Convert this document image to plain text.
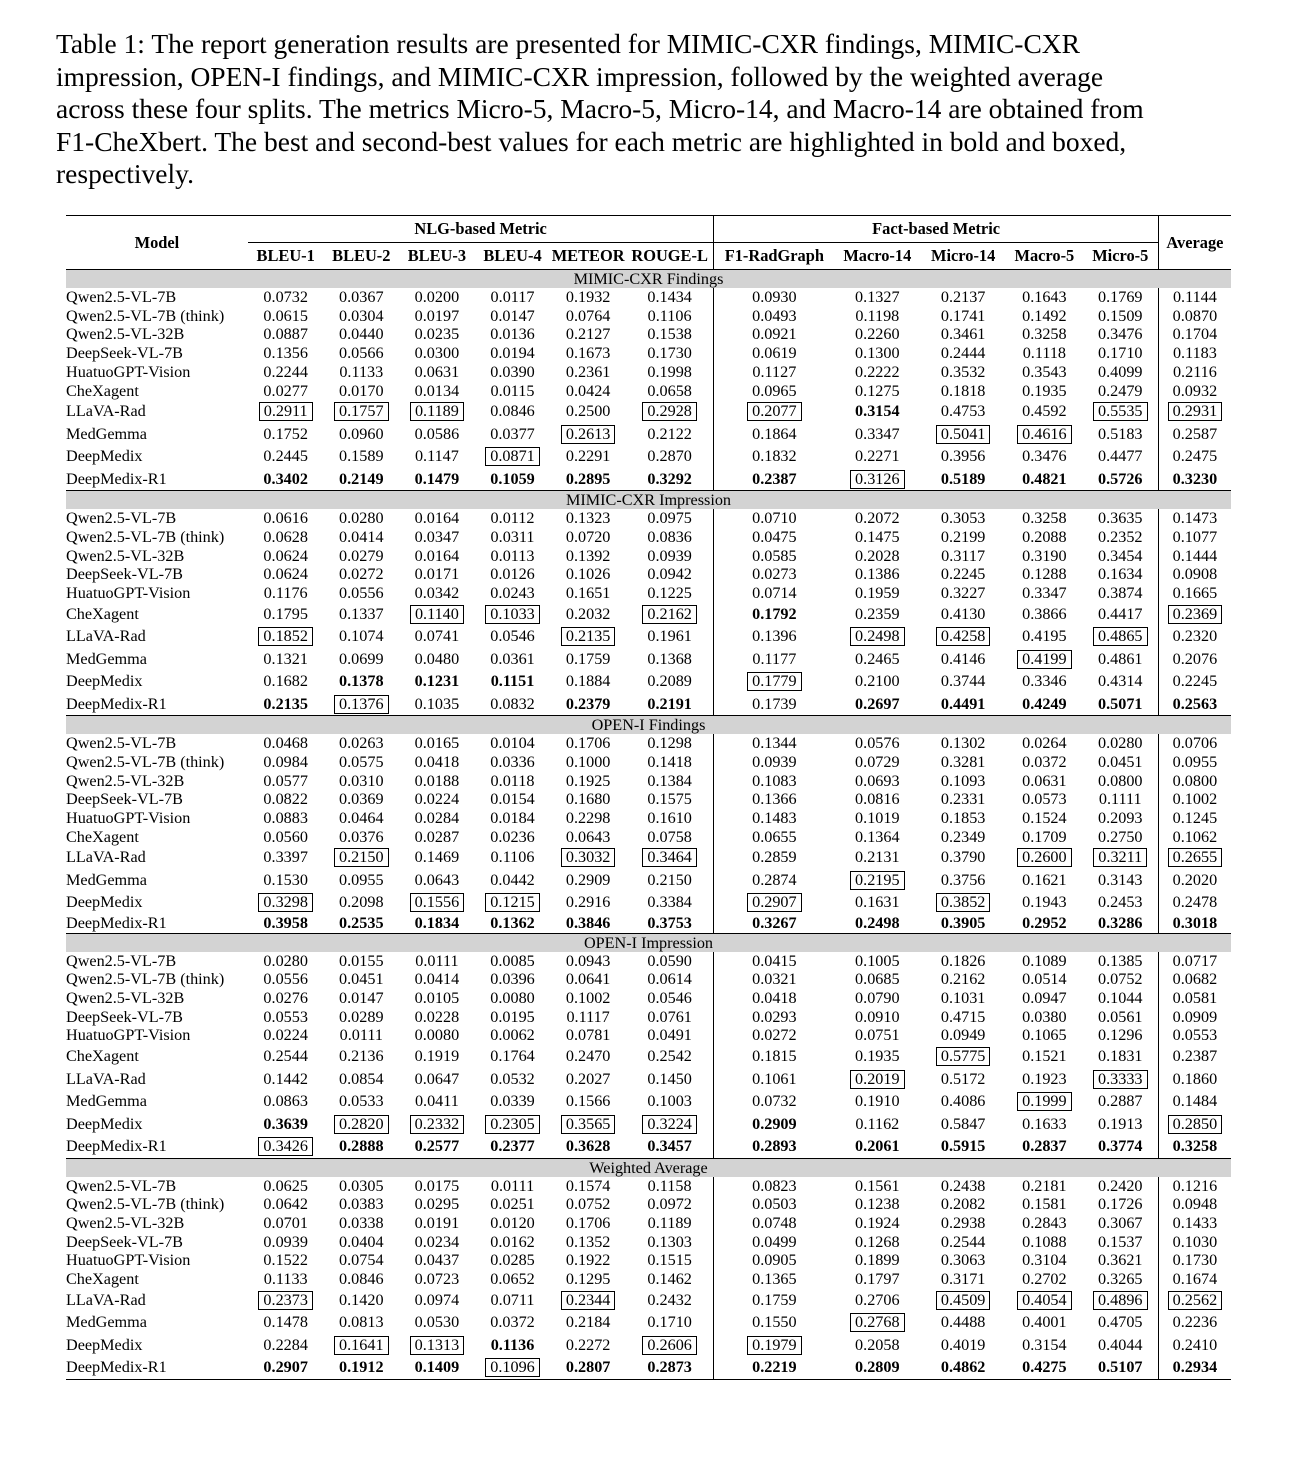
Table 1: The report generation results are presented for MIMIC-CXR findings, MIMIC-CXR
impression, OPEN-I findings, and MIMIC-CXR impression, followed by the weighted average
across these four splits. The metrics Micro-5, Macro-5, Micro-14, and Macro-14 are obtained from
F1-CheXbert. The best and second-best values for each metric are highlighted in bold and boxed,
respectively.
Model	NLG-based Metric						Fact-based Metric					Average
	BLEU-1	BLEU-2	BLEU-3	BLEU-4	METEOR	ROUGE-L	F1-RadGraph	Macro-14	Micro-14	Macro-5	Micro-5	
MIMIC-CXR Findings												
Qwen2.5-VL-7B	0.0732	0.0367	0.0200	0.0117	0.1932	0.1434	0.0930	0.1327	0.2137	0.1643	0.1769	0.1144
Qwen2.5-VL-7B (think)	0.0615	0.0304	0.0197	0.0147	0.0764	0.1106	0.0493	0.1198	0.1741	0.1492	0.1509	0.0870
Qwen2.5-VL-32B	0.0887	0.0440	0.0235	0.0136	0.2127	0.1538	0.0921	0.2260	0.3461	0.3258	0.3476	0.1704
DeepSeek-VL-7B	0.1356	0.0566	0.0300	0.0194	0.1673	0.1730	0.0619	0.1300	0.2444	0.1118	0.1710	0.1183
HuatuoGPT-Vision	0.2244	0.1133	0.0631	0.0390	0.2361	0.1998	0.1127	0.2222	0.3532	0.3543	0.4099	0.2116
CheXagent	0.0277	0.0170	0.0134	0.0115	0.0424	0.0658	0.0965	0.1275	0.1818	0.1935	0.2479	0.0932
LLaVA-Rad	0.2911	0.1757	0.1189	0.0846	0.2500	0.2928	0.2077	0.3154	0.4753	0.4592	0.5535	0.2931
MedGemma	0.1752	0.0960	0.0586	0.0377	0.2613	0.2122	0.1864	0.3347	0.5041	0.4616	0.5183	0.2587
DeepMedix	0.2445	0.1589	0.1147	0.0871	0.2291	0.2870	0.1832	0.2271	0.3956	0.3476	0.4477	0.2475
DeepMedix-R1	0.3402	0.2149	0.1479	0.1059	0.2895	0.3292	0.2387	0.3126	0.5189	0.4821	0.5726	0.3230
MIMIC-CXR Impression												
Qwen2.5-VL-7B	0.0616	0.0280	0.0164	0.0112	0.1323	0.0975	0.0710	0.2072	0.3053	0.3258	0.3635	0.1473
Qwen2.5-VL-7B (think)	0.0628	0.0414	0.0347	0.0311	0.0720	0.0836	0.0475	0.1475	0.2199	0.2088	0.2352	0.1077
Qwen2.5-VL-32B	0.0624	0.0279	0.0164	0.0113	0.1392	0.0939	0.0585	0.2028	0.3117	0.3190	0.3454	0.1444
DeepSeek-VL-7B	0.0624	0.0272	0.0171	0.0126	0.1026	0.0942	0.0273	0.1386	0.2245	0.1288	0.1634	0.0908
HuatuoGPT-Vision	0.1176	0.0556	0.0342	0.0243	0.1651	0.1225	0.0714	0.1959	0.3227	0.3347	0.3874	0.1665
CheXagent	0.1795	0.1337	0.1140	0.1033	0.2032	0.2162	0.1792	0.2359	0.4130	0.3866	0.4417	0.2369
LLaVA-Rad	0.1852	0.1074	0.0741	0.0546	0.2135	0.1961	0.1396	0.2498	0.4258	0.4195	0.4865	0.2320
MedGemma	0.1321	0.0699	0.0480	0.0361	0.1759	0.1368	0.1177	0.2465	0.4146	0.4199	0.4861	0.2076
DeepMedix	0.1682	0.1378	0.1231	0.1151	0.1884	0.2089	0.1779	0.2100	0.3744	0.3346	0.4314	0.2245
DeepMedix-R1	0.2135	0.1376	0.1035	0.0832	0.2379	0.2191	0.1739	0.2697	0.4491	0.4249	0.5071	0.2563
OPEN-I Findings												
Qwen2.5-VL-7B	0.0468	0.0263	0.0165	0.0104	0.1706	0.1298	0.1344	0.0576	0.1302	0.0264	0.0280	0.0706
Qwen2.5-VL-7B (think)	0.0984	0.0575	0.0418	0.0336	0.1000	0.1418	0.0939	0.0729	0.3281	0.0372	0.0451	0.0955
Qwen2.5-VL-32B	0.0577	0.0310	0.0188	0.0118	0.1925	0.1384	0.1083	0.0693	0.1093	0.0631	0.0800	0.0800
DeepSeek-VL-7B	0.0822	0.0369	0.0224	0.0154	0.1680	0.1575	0.1366	0.0816	0.2331	0.0573	0.1111	0.1002
HuatuoGPT-Vision	0.0883	0.0464	0.0284	0.0184	0.2298	0.1610	0.1483	0.1019	0.1853	0.1524	0.2093	0.1245
CheXagent	0.0560	0.0376	0.0287	0.0236	0.0643	0.0758	0.0655	0.1364	0.2349	0.1709	0.2750	0.1062
LLaVA-Rad	0.3397	0.2150	0.1469	0.1106	0.3032	0.3464	0.2859	0.2131	0.3790	0.2600	0.3211	0.2655
MedGemma	0.1530	0.0955	0.0643	0.0442	0.2909	0.2150	0.2874	0.2195	0.3756	0.1621	0.3143	0.2020
DeepMedix	0.3298	0.2098	0.1556	0.1215	0.2916	0.3384	0.2907	0.1631	0.3852	0.1943	0.2453	0.2478
DeepMedix-R1	0.3958	0.2535	0.1834	0.1362	0.3846	0.3753	0.3267	0.2498	0.3905	0.2952	0.3286	0.3018
OPEN-I Impression												
Qwen2.5-VL-7B	0.0280	0.0155	0.0111	0.0085	0.0943	0.0590	0.0415	0.1005	0.1826	0.1089	0.1385	0.0717
Qwen2.5-VL-7B (think)	0.0556	0.0451	0.0414	0.0396	0.0641	0.0614	0.0321	0.0685	0.2162	0.0514	0.0752	0.0682
Qwen2.5-VL-32B	0.0276	0.0147	0.0105	0.0080	0.1002	0.0546	0.0418	0.0790	0.1031	0.0947	0.1044	0.0581
DeepSeek-VL-7B	0.0553	0.0289	0.0228	0.0195	0.1117	0.0761	0.0293	0.0910	0.4715	0.0380	0.0561	0.0909
HuatuoGPT-Vision	0.0224	0.0111	0.0080	0.0062	0.0781	0.0491	0.0272	0.0751	0.0949	0.1065	0.1296	0.0553
CheXagent	0.2544	0.2136	0.1919	0.1764	0.2470	0.2542	0.1815	0.1935	0.5775	0.1521	0.1831	0.2387
LLaVA-Rad	0.1442	0.0854	0.0647	0.0532	0.2027	0.1450	0.1061	0.2019	0.5172	0.1923	0.3333	0.1860
MedGemma	0.0863	0.0533	0.0411	0.0339	0.1566	0.1003	0.0732	0.1910	0.4086	0.1999	0.2887	0.1484
DeepMedix	0.3639	0.2820	0.2332	0.2305	0.3565	0.3224	0.2909	0.1162	0.5847	0.1633	0.1913	0.2850
DeepMedix-R1	0.3426	0.2888	0.2577	0.2377	0.3628	0.3457	0.2893	0.2061	0.5915	0.2837	0.3774	0.3258
Weighted Average												
Qwen2.5-VL-7B	0.0625	0.0305	0.0175	0.0111	0.1574	0.1158	0.0823	0.1561	0.2438	0.2181	0.2420	0.1216
Qwen2.5-VL-7B (think)	0.0642	0.0383	0.0295	0.0251	0.0752	0.0972	0.0503	0.1238	0.2082	0.1581	0.1726	0.0948
Qwen2.5-VL-32B	0.0701	0.0338	0.0191	0.0120	0.1706	0.1189	0.0748	0.1924	0.2938	0.2843	0.3067	0.1433
DeepSeek-VL-7B	0.0939	0.0404	0.0234	0.0162	0.1352	0.1303	0.0499	0.1268	0.2544	0.1088	0.1537	0.1030
HuatuoGPT-Vision	0.1522	0.0754	0.0437	0.0285	0.1922	0.1515	0.0905	0.1899	0.3063	0.3104	0.3621	0.1730
CheXagent	0.1133	0.0846	0.0723	0.0652	0.1295	0.1462	0.1365	0.1797	0.3171	0.2702	0.3265	0.1674
LLaVA-Rad	0.2373	0.1420	0.0974	0.0711	0.2344	0.2432	0.1759	0.2706	0.4509	0.4054	0.4896	0.2562
MedGemma	0.1478	0.0813	0.0530	0.0372	0.2184	0.1710	0.1550	0.2768	0.4488	0.4001	0.4705	0.2236
DeepMedix	0.2284	0.1641	0.1313	0.1136	0.2272	0.2606	0.1979	0.2058	0.4019	0.3154	0.4044	0.2410
DeepMedix-R1	0.2907	0.1912	0.1409	0.1096	0.2807	0.2873	0.2219	0.2809	0.4862	0.4275	0.5107	0.2934
